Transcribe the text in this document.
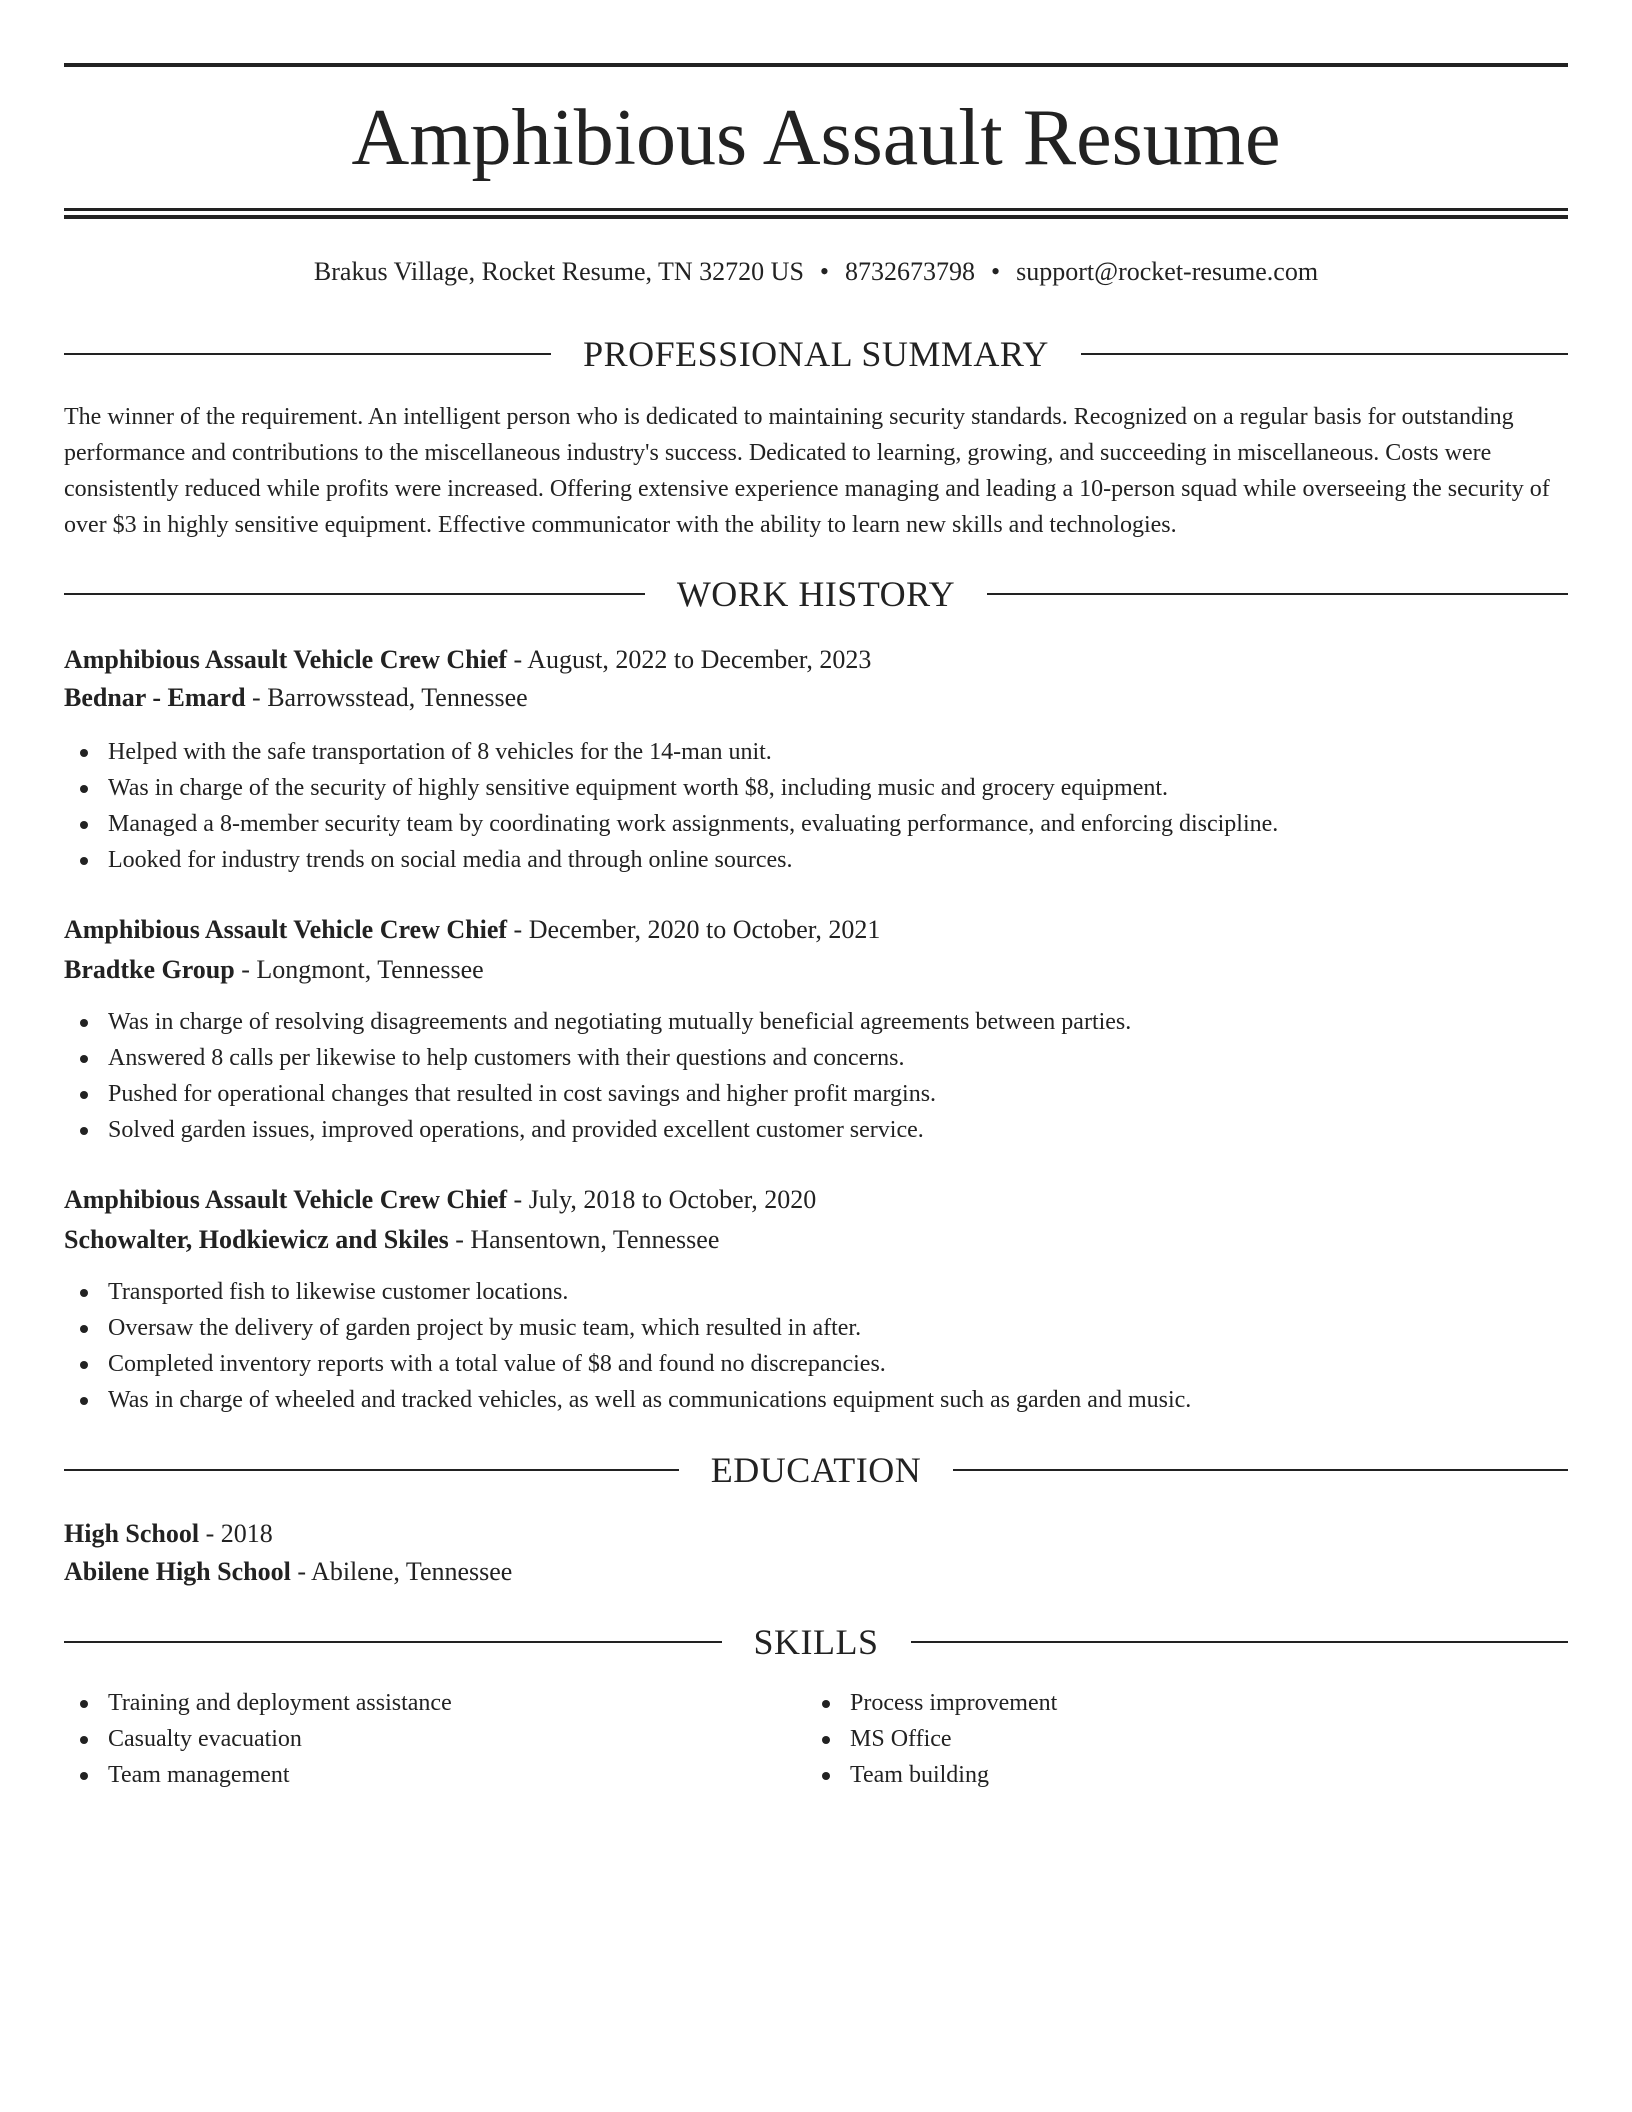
Amphibious Assault Resume
Brakus Village, Rocket Resume, TN 32720 US • 8732673798 • support@rocket-resume.com
PROFESSIONAL SUMMARY

The winner of the requirement. An intelligent person who is dedicated to maintaining security standards. Recognized on a regular basis for outstanding performance and contributions to the miscellaneous industry's success. Dedicated to learning, growing, and succeeding in miscellaneous. Costs were consistently reduced while profits were increased. Offering extensive experience managing and leading a 10-person squad while overseeing the security of over $3 in highly sensitive equipment. Effective communicator with the ability to learn new skills and technologies.

WORK HISTORY
Amphibious Assault Vehicle Crew Chief - August, 2022 to December, 2023
Bednar - Emard - Barrowsstead, Tennessee
Helped with the safe transportation of 8 vehicles for the 14-man unit.
Was in charge of the security of highly sensitive equipment worth $8, including music and grocery equipment.
Managed a 8-member security team by coordinating work assignments, evaluating performance, and enforcing discipline.
Looked for industry trends on social media and through online sources.
Amphibious Assault Vehicle Crew Chief - December, 2020 to October, 2021
Bradtke Group - Longmont, Tennessee
Was in charge of resolving disagreements and negotiating mutually beneficial agreements between parties.
Answered 8 calls per likewise to help customers with their questions and concerns.
Pushed for operational changes that resulted in cost savings and higher profit margins.
Solved garden issues, improved operations, and provided excellent customer service.
Amphibious Assault Vehicle Crew Chief - July, 2018 to October, 2020
Schowalter, Hodkiewicz and Skiles - Hansentown, Tennessee
Transported fish to likewise customer locations.
Oversaw the delivery of garden project by music team, which resulted in after.
Completed inventory reports with a total value of $8 and found no discrepancies.
Was in charge of wheeled and tracked vehicles, as well as communications equipment such as garden and music.
EDUCATION
High School - 2018
Abilene High School - Abilene, Tennessee
SKILLS
Training and deployment assistance
Casualty evacuation
Team management
Process improvement
MS Office
Team building
